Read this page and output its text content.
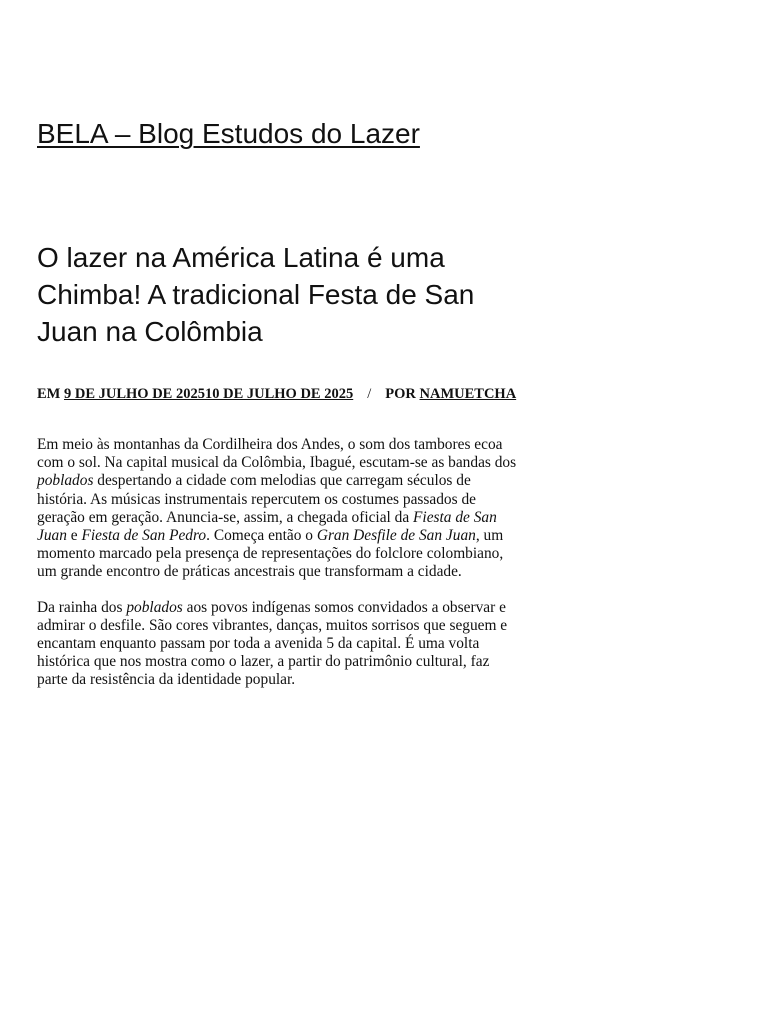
BELA – Blog Estudos do Lazer

O lazer na América Latina é uma Chimba! A tradicional Festa de San Juan na Colômbia
EM 9 DE JULHO DE 202510 DE JULHO DE 2025 / POR NAMUETCHA

Em meio às montanhas da Cordilheira dos Andes, o som dos tambores ecoa com o sol. Na capital musical da Colômbia, Ibagué, escutam-se as bandas dos poblados despertando a cidade com melodias que carregam séculos de história. As músicas instrumentais repercutem os costumes passados de geração em geração. Anuncia-se, assim, a chegada oficial da Fiesta de San Juan e Fiesta de San Pedro. Começa então o Gran Desfile de San Juan, um momento marcado pela presença de representações do folclore colombiano, um grande encontro de práticas ancestrais que transformam a cidade.

Da rainha dos poblados aos povos indígenas somos convidados a observar e admirar o desfile. São cores vibrantes, danças, muitos sorrisos que seguem e encantam enquanto passam por toda a avenida 5 da capital. É uma volta histórica que nos mostra como o lazer, a partir do patrimônio cultural, faz parte da resistência da identidade popular.
